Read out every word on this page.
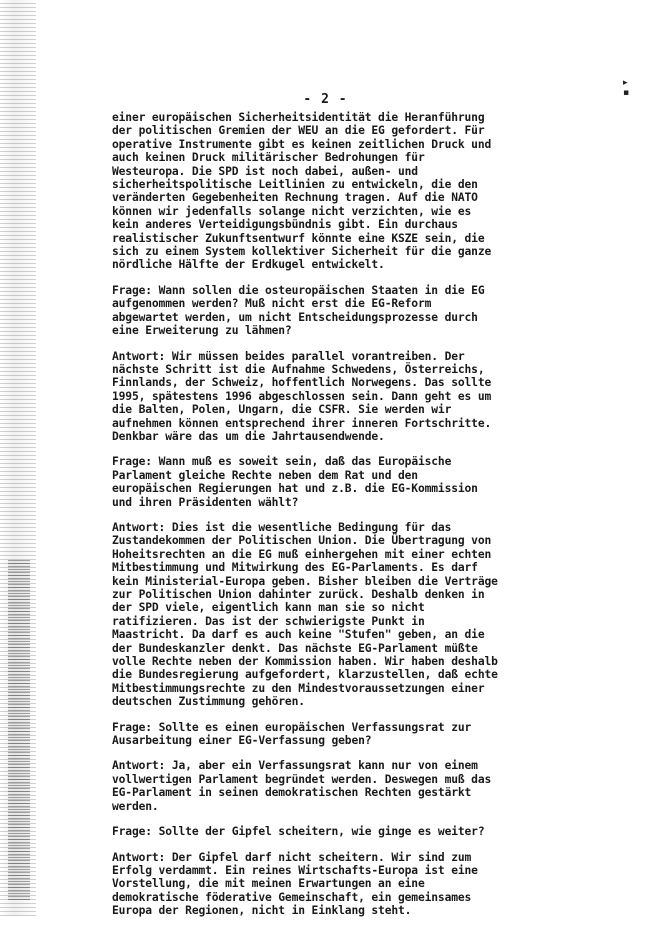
▸
▪
- 2 -

einer europäischen Sicherheitsidentität die Heranführung
der politischen Gremien der WEU an die EG gefordert. Für
operative Instrumente gibt es keinen zeitlichen Druck und
auch keinen Druck militärischer Bedrohungen für
Westeuropa. Die SPD ist noch dabei, außen- und
sicherheitspolitische Leitlinien zu entwickeln, die den
veränderten Gegebenheiten Rechnung tragen. Auf die NATO
können wir jedenfalls solange nicht verzichten, wie es
kein anderes Verteidigungsbündnis gibt. Ein durchaus
realistischer Zukunftsentwurf könnte eine KSZE sein, die
sich zu einem System kollektiver Sicherheit für die ganze
nördliche Hälfte der Erdkugel entwickelt.

Frage: Wann sollen die osteuropäischen Staaten in die EG
aufgenommen werden? Muß nicht erst die EG-Reform
abgewartet werden, um nicht Entscheidungsprozesse durch
eine Erweiterung zu lähmen?

Antwort: Wir müssen beides parallel vorantreiben. Der
nächste Schritt ist die Aufnahme Schwedens, Österreichs,
Finnlands, der Schweiz, hoffentlich Norwegens. Das sollte
1995, spätestens 1996 abgeschlossen sein. Dann geht es um
die Balten, Polen, Ungarn, die CSFR. Sie werden wir
aufnehmen können entsprechend ihrer inneren Fortschritte.
Denkbar wäre das um die Jahrtausendwende.

Frage: Wann muß es soweit sein, daß das Europäische
Parlament gleiche Rechte neben dem Rat und den
europäischen Regierungen hat und z.B. die EG-Kommission
und ihren Präsidenten wählt?

Antwort: Dies ist die wesentliche Bedingung für das
Zustandekommen der Politischen Union. Die Übertragung von
Hoheitsrechten an die EG muß einhergehen mit einer echten
Mitbestimmung und Mitwirkung des EG-Parlaments. Es darf
kein Ministerial-Europa geben. Bisher bleiben die Verträge
zur Politischen Union dahinter zurück. Deshalb denken in
der SPD viele, eigentlich kann man sie so nicht
ratifizieren. Das ist der schwierigste Punkt in
Maastricht. Da darf es auch keine "Stufen" geben, an die
der Bundeskanzler denkt. Das nächste EG-Parlament müßte
volle Rechte neben der Kommission haben. Wir haben deshalb
die Bundesregierung aufgefordert, klarzustellen, daß echte
Mitbestimmungsrechte zu den Mindestvoraussetzungen einer
deutschen Zustimmung gehören.

Frage: Sollte es einen europäischen Verfassungsrat zur
Ausarbeitung einer EG-Verfassung geben?

Antwort: Ja, aber ein Verfassungsrat kann nur von einem
vollwertigen Parlament begründet werden. Deswegen muß das
EG-Parlament in seinen demokratischen Rechten gestärkt
werden.

Frage: Sollte der Gipfel scheitern, wie ginge es weiter?

Antwort: Der Gipfel darf nicht scheitern. Wir sind zum
Erfolg verdammt. Ein reines Wirtschafts-Europa ist eine
Vorstellung, die mit meinen Erwartungen an eine
demokratische föderative Gemeinschaft, ein gemeinsames
Europa der Regionen, nicht in Einklang steht.
